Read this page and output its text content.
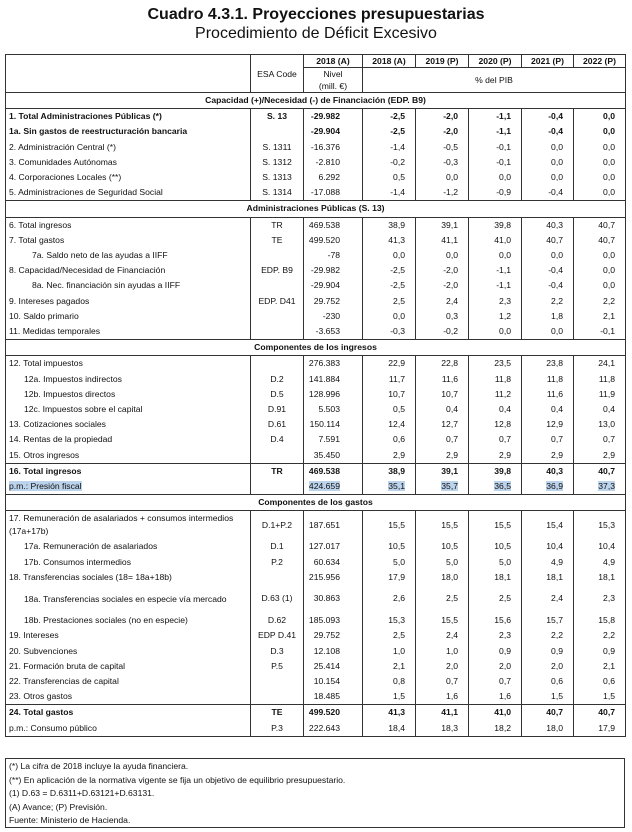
Cuadro 4.3.1. Proyecciones presupuestarias
Procedimiento de Déficit Excesivo
	ESA Code	2018 (A)	2018 (A)	2019 (P)	2020 (P)	2021 (P)	2022 (P)
		Nivel	% del PIB				
		(mill. €)					
Capacidad (+)/Necesidad (-) de Financiación (EDP. B9)							
1. Total Administraciones Públicas (*)	S. 13	-29.982	-2,5	-2,0	-1,1	-0,4	0,0
1a. Sin gastos de reestructuración bancaria		-29.904	-2,5	-2,0	-1,1	-0,4	0,0
2. Administración Central (*)	S. 1311	-16.376	-1,4	-0,5	-0,1	0,0	0,0
3. Comunidades Autónomas	S. 1312	-2.810	-0,2	-0,3	-0,1	0,0	0,0
4. Corporaciones Locales (**)	S. 1313	6.292	0,5	0,0	0,0	0,0	0,0
5. Administraciones de Seguridad Social	S. 1314	-17.088	-1,4	-1,2	-0,9	-0,4	0,0
Administraciones Públicas (S. 13)							
6. Total ingresos	TR	469.538	38,9	39,1	39,8	40,3	40,7
7. Total gastos	TE	499.520	41,3	41,1	41,0	40,7	40,7
7a. Saldo neto de las ayudas a IIFF		-78	0,0	0,0	0,0	0,0	0,0
8. Capacidad/Necesidad de Financiación	EDP. B9	-29.982	-2,5	-2,0	-1,1	-0,4	0,0
8a. Nec. financiación sin ayudas a IIFF		-29.904	-2,5	-2,0	-1,1	-0,4	0,0
9. Intereses pagados	EDP. D41	29.752	2,5	2,4	2,3	2,2	2,2
10. Saldo primario		-230	0,0	0,3	1,2	1,8	2,1
11. Medidas temporales		-3.653	-0,3	-0,2	0,0	0,0	-0,1
Componentes de los ingresos							
12. Total impuestos		276.383	22,9	22,8	23,5	23,8	24,1
12a. Impuestos indirectos	D.2	141.884	11,7	11,6	11,8	11,8	11,8
12b. Impuestos directos	D.5	128.996	10,7	10,7	11,2	11,6	11,9
12c. Impuestos sobre el capital	D.91	5.503	0,5	0,4	0,4	0,4	0,4
13. Cotizaciones sociales	D.61	150.114	12,4	12,7	12,8	12,9	13,0
14. Rentas de la propiedad	D.4	7.591	0,6	0,7	0,7	0,7	0,7
15. Otros ingresos		35.450	2,9	2,9	2,9	2,9	2,9
16. Total ingresos	TR	469.538	38,9	39,1	39,8	40,3	40,7
p.m.: Presión fiscal		424.659	35,1	35,7	36,5	36,9	37,3
Componentes de los gastos							
17. Remuneración de asalariados + consumos intermedios (17a+17b)	D.1+P.2	187.651	15,5	15,5	15,5	15,4	15,3
17a. Remuneración de asalariados	D.1	127.017	10,5	10,5	10,5	10,4	10,4
17b. Consumos intermedios	P.2	60.634	5,0	5,0	5,0	4,9	4,9
18. Transferencias sociales (18= 18a+18b)		215.956	17,9	18,0	18,1	18,1	18,1
18a. Transferencias sociales en especie vía mercado	D.63 (1)	30.863	2,6	2,5	2,5	2,4	2,3
18b. Prestaciones sociales (no en especie)	D.62	185.093	15,3	15,5	15,6	15,7	15,8
19. Intereses	EDP D.41	29.752	2,5	2,4	2,3	2,2	2,2
20. Subvenciones	D.3	12.108	1,0	1,0	0,9	0,9	0,9
21. Formación bruta de capital	P.5	25.414	2,1	2,0	2,0	2,0	2,1
22. Transferencias de capital		10.154	0,8	0,7	0,7	0,6	0,6
23. Otros gastos		18.485	1,5	1,6	1,6	1,5	1,5
24. Total gastos	TE	499.520	41,3	41,1	41,0	40,7	40,7
p.m.: Consumo público	P.3	222.643	18,4	18,3	18,2	18,0	17,9
(*) La cifra de 2018 incluye la ayuda financiera.
(**) En aplicación de la normativa vigente se fija un objetivo de equilibrio presupuestario.
(1) D.63 = D.6311+D.63121+D.63131.
(A) Avance; (P) Previsión.
Fuente: Ministerio de Hacienda.
